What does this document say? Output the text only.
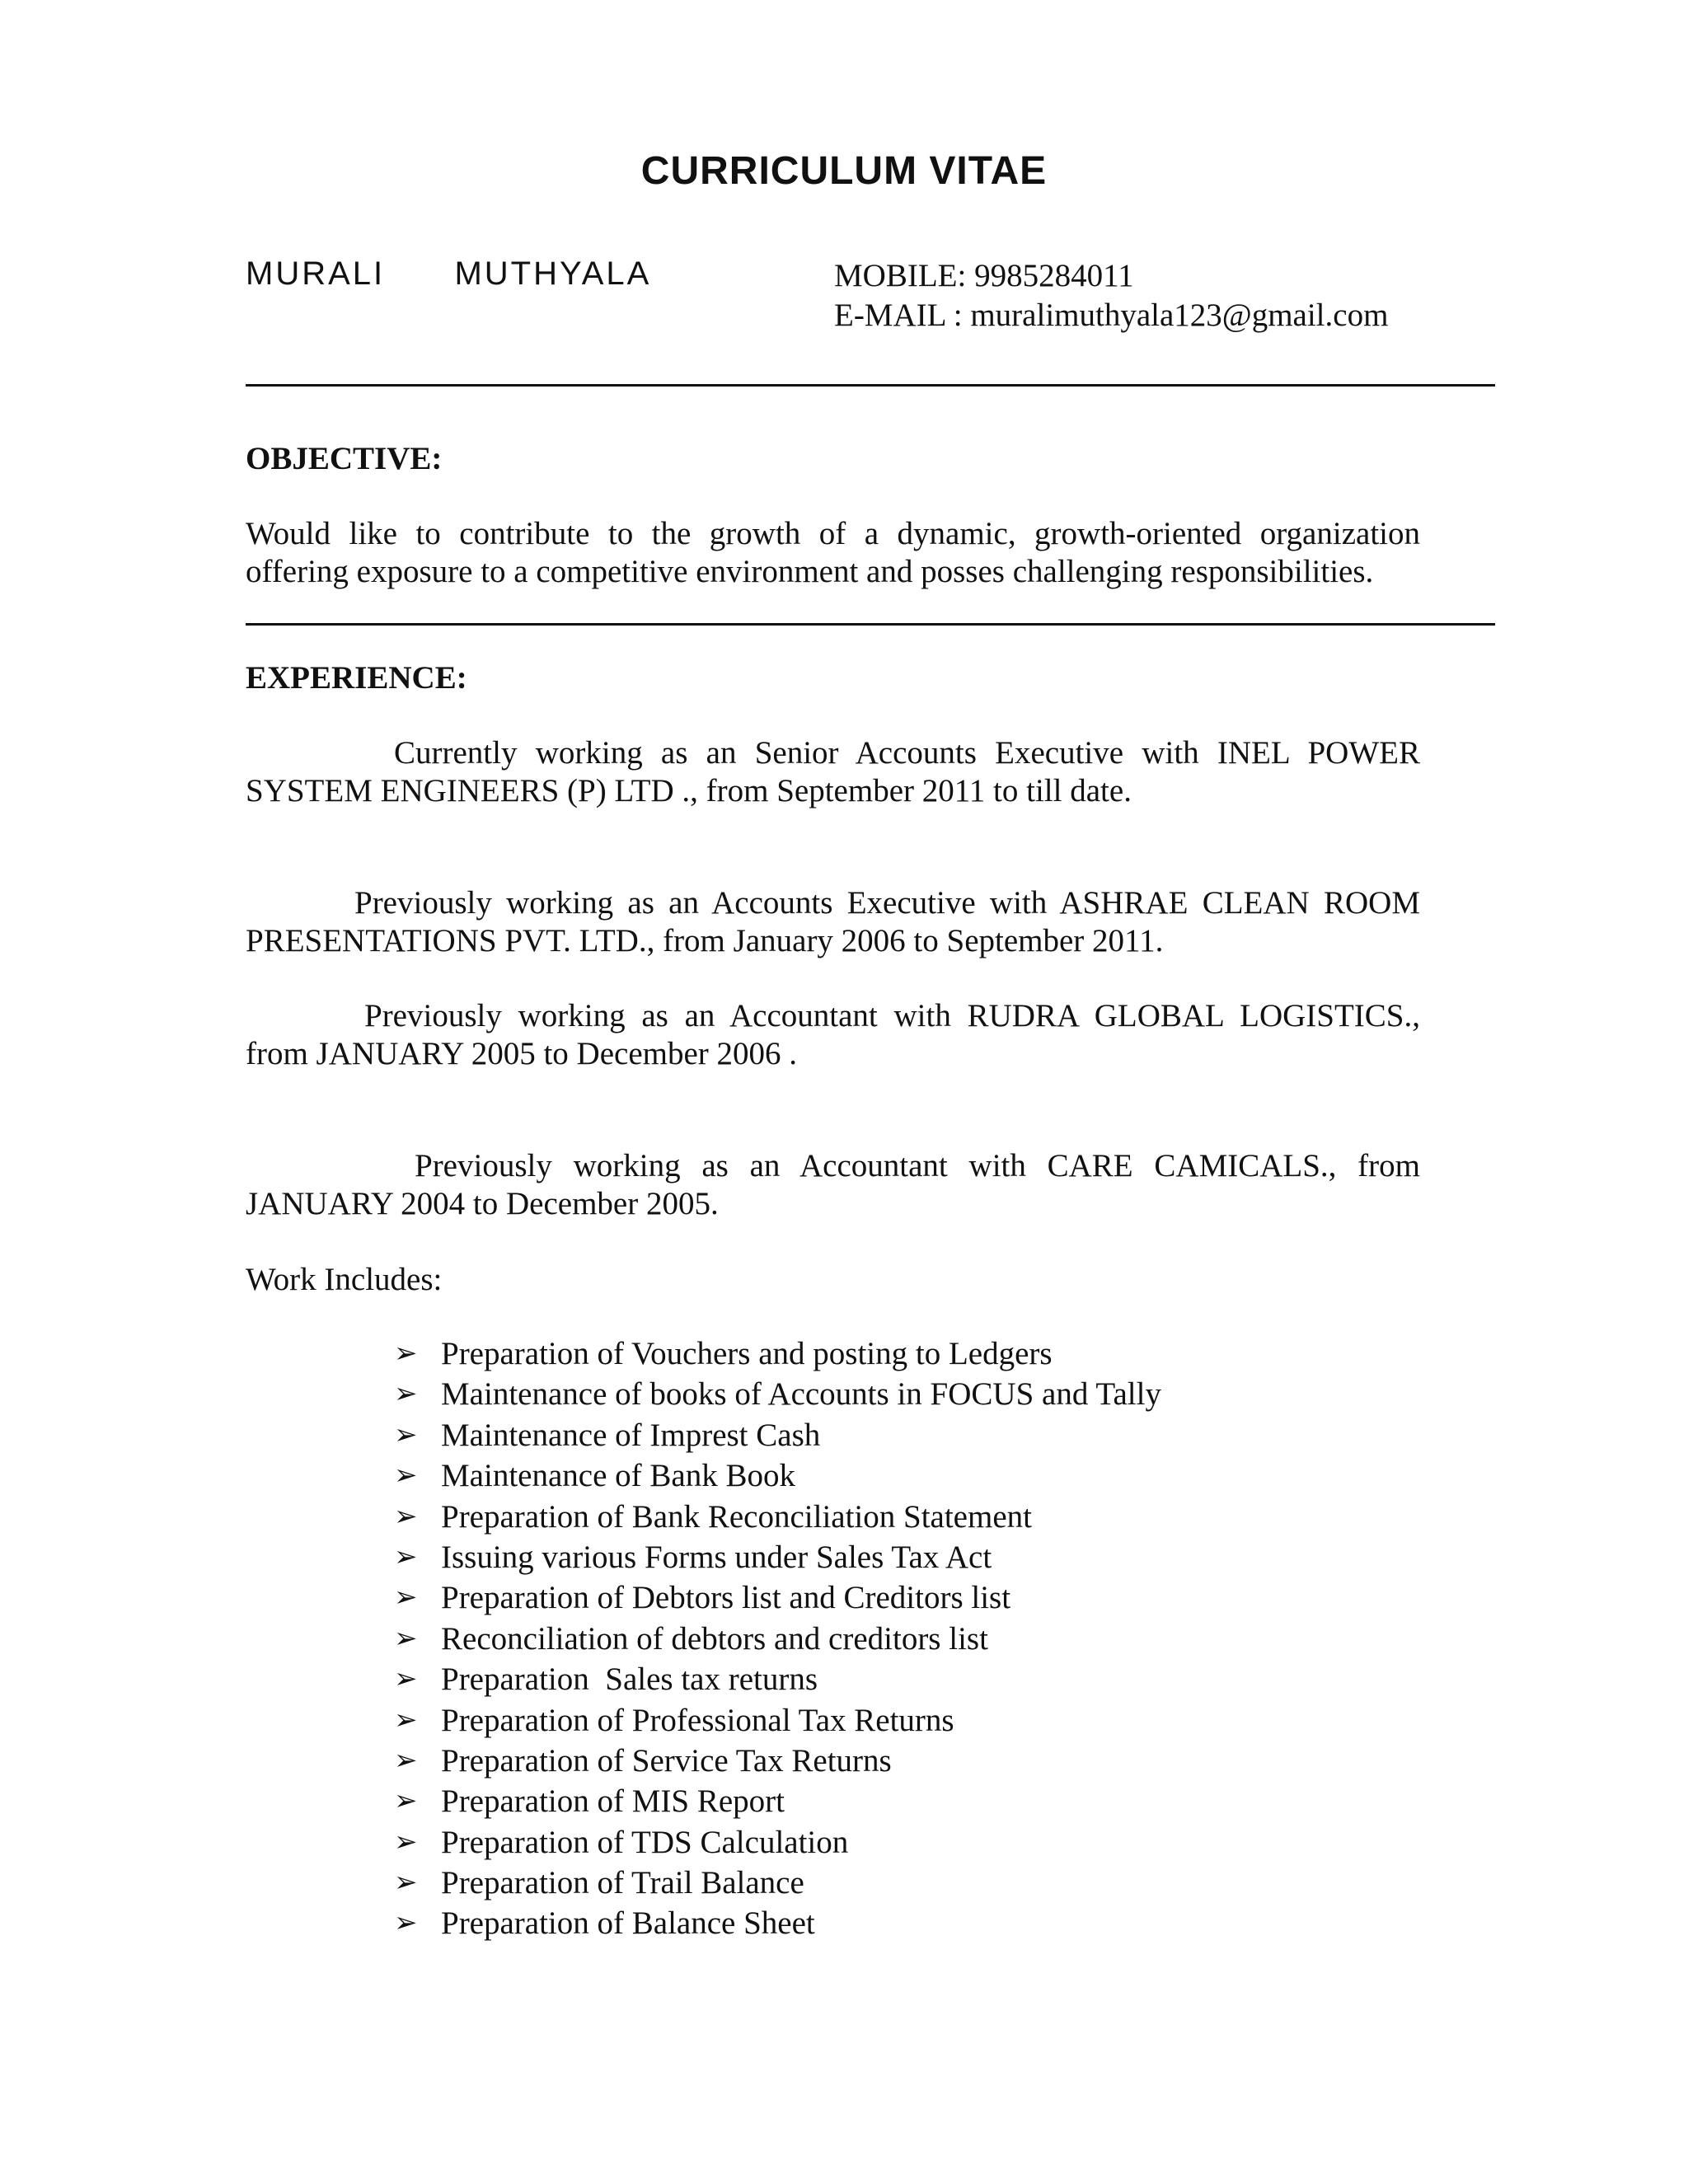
CURRICULUM VITAE
MURALI   MUTHYALA	MOBILE: 9985284011
E-MAIL : muralimuthyala123@gmail.com
OBJECTIVE:
Would like to contribute to the growth of a dynamic, growth-oriented organization
offering exposure to a competitive environment and posses challenging responsibilities.
EXPERIENCE:
Currently working as an Senior Accounts Executive with INEL POWER
SYSTEM ENGINEERS (P) LTD ., from September 2011 to till date.
Previously working as an Accounts Executive with ASHRAE CLEAN ROOM
PRESENTATIONS PVT. LTD., from January 2006 to September 2011.
Previously working as an Accountant with RUDRA GLOBAL LOGISTICS.,
from JANUARY 2005 to December 2006 .
Previously working as an Accountant with CARE CAMICALS., from
JANUARY 2004 to December 2005.
Work Includes:
➢ Preparation of Vouchers and posting to Ledgers
➢ Maintenance of books of Accounts in FOCUS and Tally
➢ Maintenance of Imprest Cash
➢ Maintenance of Bank Book
➢ Preparation of Bank Reconciliation Statement
➢ Issuing various Forms under Sales Tax Act
➢ Preparation of Debtors list and Creditors list
➢ Reconciliation of debtors and creditors list
➢ Preparation  Sales tax returns
➢ Preparation of Professional Tax Returns
➢ Preparation of Service Tax Returns
➢ Preparation of MIS Report
➢ Preparation of TDS Calculation
➢ Preparation of Trail Balance
➢ Preparation of Balance Sheet
